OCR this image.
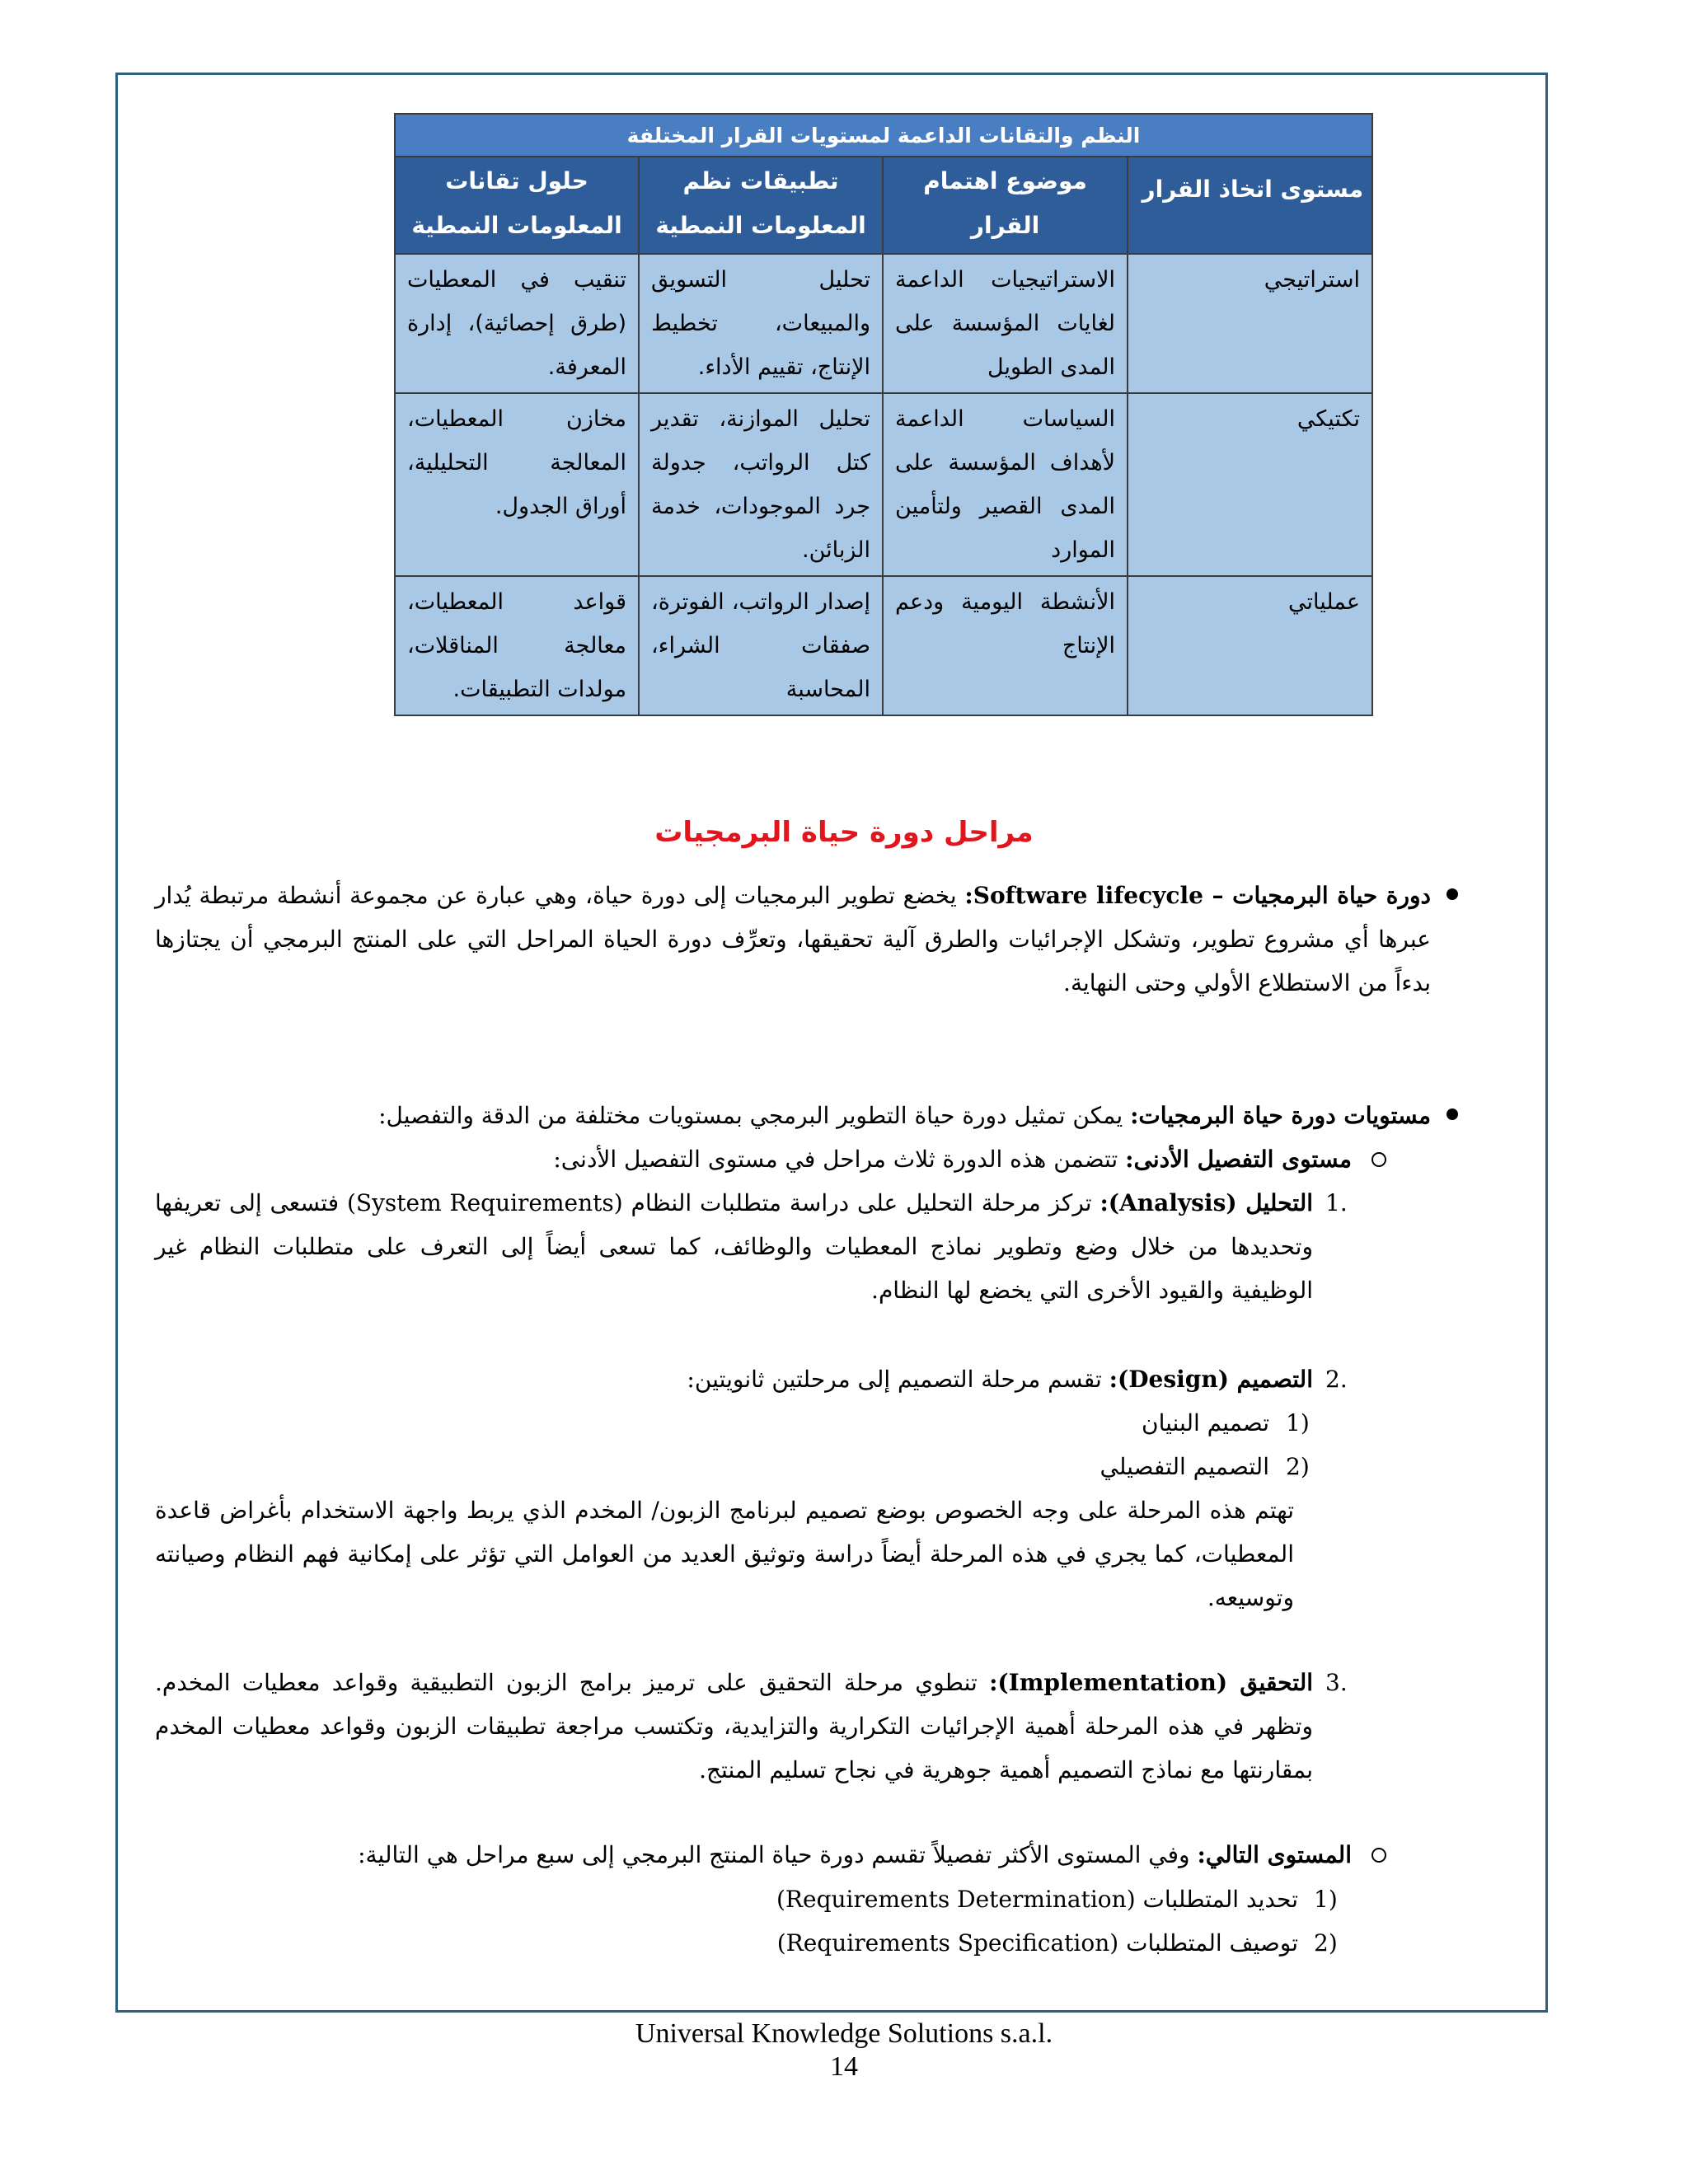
النظم والتقانات الداعمة لمستويات القرار المختلفة			
مستوى اتخاذ القرار	موضوع اهتمام القرار	تطبيقات نظم المعلومات النمطية	حلول تقانات المعلومات النمطية
استراتيجي	الاستراتيجيات الداعمة لغايات المؤسسة على المدى الطويل	تحليل التسويق والمبيعات، تخطيط الإنتاج، تقييم الأداء.	تنقيب في المعطيات (طرق إحصائية)، إدارة المعرفة.
تكتيكي	السياسات الداعمة لأهداف المؤسسة على المدى القصير ولتأمين الموارد	تحليل الموازنة، تقدير كتل الرواتب، جدولة جرد الموجودات، خدمة الزبائن.	مخازن المعطيات، المعالجة التحليلية، أوراق الجدول.
عملياتي	الأنشطة اليومية ودعم الإنتاج	إصدار الرواتب، الفوترة، صفقات الشراء، المحاسبة	قواعد المعطيات، معالجة المناقلات، مولدات التطبيقات.
مراحل دورة حياة البرمجيات
دورة حياة البرمجيات – Software lifecycle: يخضع تطوير البرمجيات إلى دورة حياة، وهي عبارة عن مجموعة أنشطة مرتبطة يُدار عبرها أي مشروع تطوير، وتشكل الإجرائيات والطرق آلية تحقيقها، وتعرِّف دورة الحياة المراحل التي على المنتج البرمجي أن يجتازها بدءاً من الاستطلاع الأولي وحتى النهاية.
مستويات دورة حياة البرمجيات: يمكن تمثيل دورة حياة التطوير البرمجي بمستويات مختلفة من الدقة والتفصيل:
مستوى التفصيل الأدنى: تتضمن هذه الدورة ثلاث مراحل في مستوى التفصيل الأدنى:
1.
التحليل (Analysis): تركز مرحلة التحليل على دراسة متطلبات النظام (System Requirements) فتسعى إلى تعريفها وتحديدها من خلال وضع وتطوير نماذج المعطيات والوظائف، كما تسعى أيضاً إلى التعرف على متطلبات النظام غير الوظيفية والقيود الأخرى التي يخضع لها النظام.
2.
التصميم (Design): تقسم مرحلة التصميم إلى مرحلتين ثانويتين:
1)
تصميم البنيان
2)
التصميم التفصيلي
تهتم هذه المرحلة على وجه الخصوص بوضع تصميم لبرنامج الزبون/ المخدم الذي يربط واجهة الاستخدام بأغراض قاعدة المعطيات، كما يجري في هذه المرحلة أيضاً دراسة وتوثيق العديد من العوامل التي تؤثر على إمكانية فهم النظام وصيانته وتوسيعه.
3.
التحقيق (Implementation): تنطوي مرحلة التحقيق على ترميز برامج الزبون التطبيقية وقواعد معطيات المخدم. وتظهر في هذه المرحلة أهمية الإجرائيات التكرارية والتزايدية، وتكتسب مراجعة تطبيقات الزبون وقواعد معطيات المخدم بمقارنتها مع نماذج التصميم أهمية جوهرية في نجاح تسليم المنتج.
المستوى التالي: وفي المستوى الأكثر تفصيلاً تقسم دورة حياة المنتج البرمجي إلى سبع مراحل هي التالية:
1)
تحديد المتطلبات (Requirements Determination)
2)
توصيف المتطلبات (Requirements Specification)
Universal Knowledge Solutions s.a.l.
14
